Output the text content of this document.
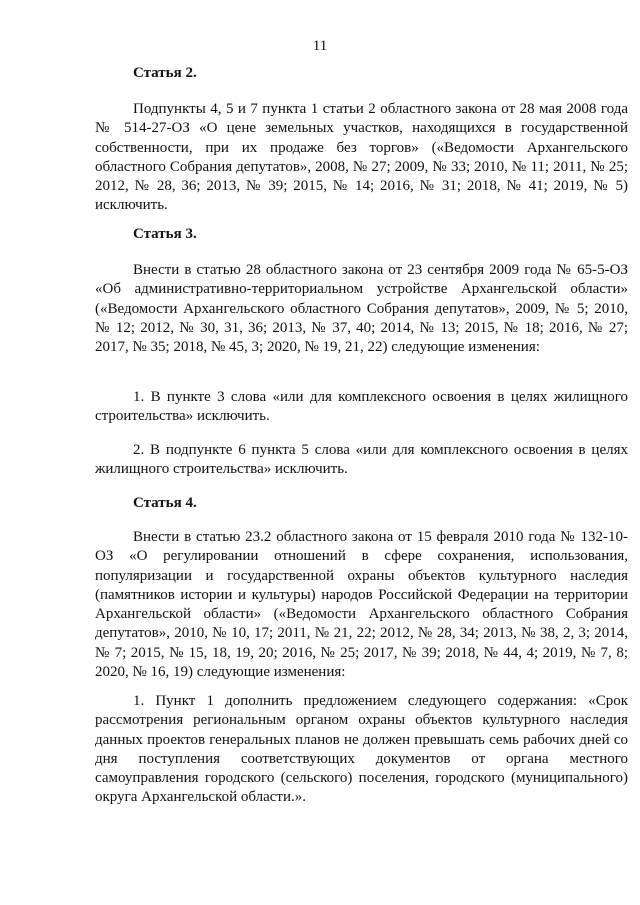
11
Статья 2.
Подпункты 4, 5 и 7 пункта 1 статьи 2 областного закона от 28 мая 2008 года № 514-27-ОЗ «О цене земельных участков, находящихся в государственной собственности, при их продаже без торгов» («Ведомости Архангельского областного Собрания депутатов», 2008, № 27; 2009, № 33; 2010, № 11; 2011, № 25; 2012, № 28, 36; 2013, № 39; 2015, № 14; 2016, № 31; 2018, № 41; 2019, № 5) исключить.
Статья 3.
Внести в статью 28 областного закона от 23 сентября 2009 года № 65-5-ОЗ «Об административно-территориальном устройстве Архангельской области» («Ведомости Архангельского областного Собрания депутатов», 2009, № 5; 2010, № 12; 2012, № 30, 31, 36; 2013, № 37, 40; 2014, № 13; 2015, № 18; 2016, № 27; 2017, № 35; 2018, № 45, 3; 2020, № 19, 21, 22) следующие изменения:
1. В пункте 3 слова «или для комплексного освоения в целях жилищного строительства» исключить.
2. В подпункте 6 пункта 5 слова «или для комплексного освоения в целях жилищного строительства» исключить.
Статья 4.
Внести в статью 23.2 областного закона от 15 февраля 2010 года № 132-10-ОЗ «О регулировании отношений в сфере сохранения, использования, популяризации и государственной охраны объектов культурного наследия (памятников истории и культуры) народов Российской Федерации на территории Архангельской области» («Ведомости Архангельского областного Собрания депутатов», 2010, № 10, 17; 2011, № 21, 22; 2012, № 28, 34; 2013, № 38, 2, 3; 2014, № 7; 2015, № 15, 18, 19, 20; 2016, № 25; 2017, № 39; 2018, № 44, 4; 2019, № 7, 8; 2020, № 16, 19) следующие изменения:
1. Пункт 1 дополнить предложением следующего содержания: «Срок рассмотрения региональным органом охраны объектов культурного наследия данных проектов генеральных планов не должен превышать семь рабочих дней со дня поступления соответствующих документов от органа местного самоуправления городского (сельского) поселения, городского (муниципального) округа Архангельской области.».
